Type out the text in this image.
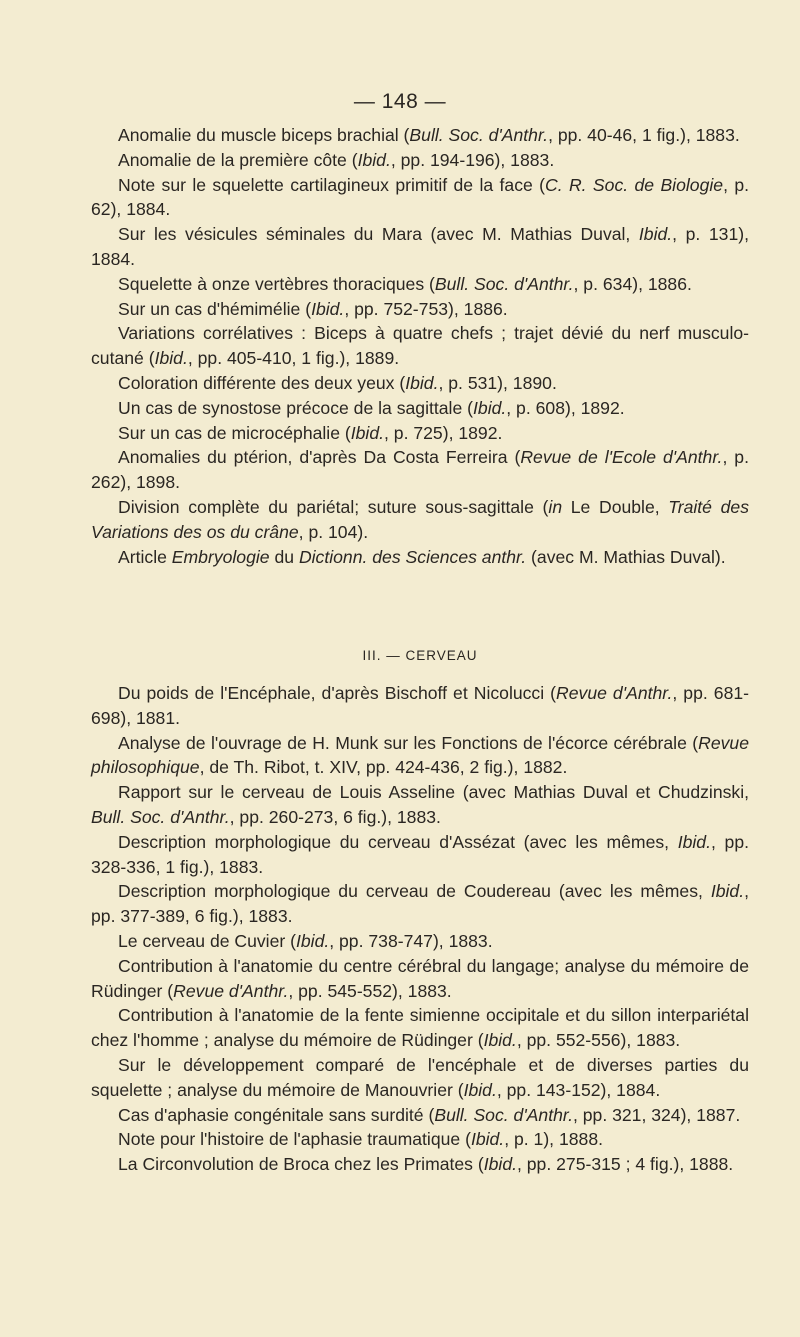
— 148 —

Anomalie du muscle biceps brachial (Bull. Soc. d'Anthr., pp. 40-46, 1 fig.), 1883.

Anomalie de la première côte (Ibid., pp. 194-196), 1883.

Note sur le squelette cartilagineux primitif de la face (C. R. Soc. de Biologie, p. 62), 1884.

Sur les vésicules séminales du Mara (avec M. Mathias Duval, Ibid., p. 131), 1884.

Squelette à onze vertèbres thoraciques (Bull. Soc. d'Anthr., p. 634), 1886.

Sur un cas d'hémimélie (Ibid., pp. 752-753), 1886.

Variations corrélatives : Biceps à quatre chefs ; trajet dévié du nerf musculo-cutané (Ibid., pp. 405-410, 1 fig.), 1889.

Coloration différente des deux yeux (Ibid., p. 531), 1890.

Un cas de synostose précoce de la sagittale (Ibid., p. 608), 1892.

Sur un cas de microcéphalie (Ibid., p. 725), 1892.

Anomalies du ptérion, d'après Da Costa Ferreira (Revue de l'Ecole d'Anthr., p. 262), 1898.

Division complète du pariétal; suture sous-sagittale (in Le Double, Traité des Variations des os du crâne, p. 104).

Article Embryologie du Dictionn. des Sciences anthr. (avec M. Mathias Duval).

III. — CERVEAU

Du poids de l'Encéphale, d'après Bischoff et Nicolucci (Revue d'Anthr., pp. 681-698), 1881.

Analyse de l'ouvrage de H. Munk sur les Fonctions de l'écorce cérébrale (Revue philosophique, de Th. Ribot, t. XIV, pp. 424-436, 2 fig.), 1882.

Rapport sur le cerveau de Louis Asseline (avec Mathias Duval et Chudzinski, Bull. Soc. d'Anthr., pp. 260-273, 6 fig.), 1883.

Description morphologique du cerveau d'Assézat (avec les mêmes, Ibid., pp. 328-336, 1 fig.), 1883.

Description morphologique du cerveau de Coudereau (avec les mêmes, Ibid., pp. 377-389, 6 fig.), 1883.

Le cerveau de Cuvier (Ibid., pp. 738-747), 1883.

Contribution à l'anatomie du centre cérébral du langage; analyse du mémoire de Rüdinger (Revue d'Anthr., pp. 545-552), 1883.

Contribution à l'anatomie de la fente simienne occipitale et du sillon interpariétal chez l'homme ; analyse du mémoire de Rüdinger (Ibid., pp. 552-556), 1883.

Sur le développement comparé de l'encéphale et de diverses parties du squelette ; analyse du mémoire de Manouvrier (Ibid., pp. 143-152), 1884.

Cas d'aphasie congénitale sans surdité (Bull. Soc. d'Anthr., pp. 321, 324), 1887.

Note pour l'histoire de l'aphasie traumatique (Ibid., p. 1), 1888.

La Circonvolution de Broca chez les Primates (Ibid., pp. 275-315 ; 4 fig.), 1888.
